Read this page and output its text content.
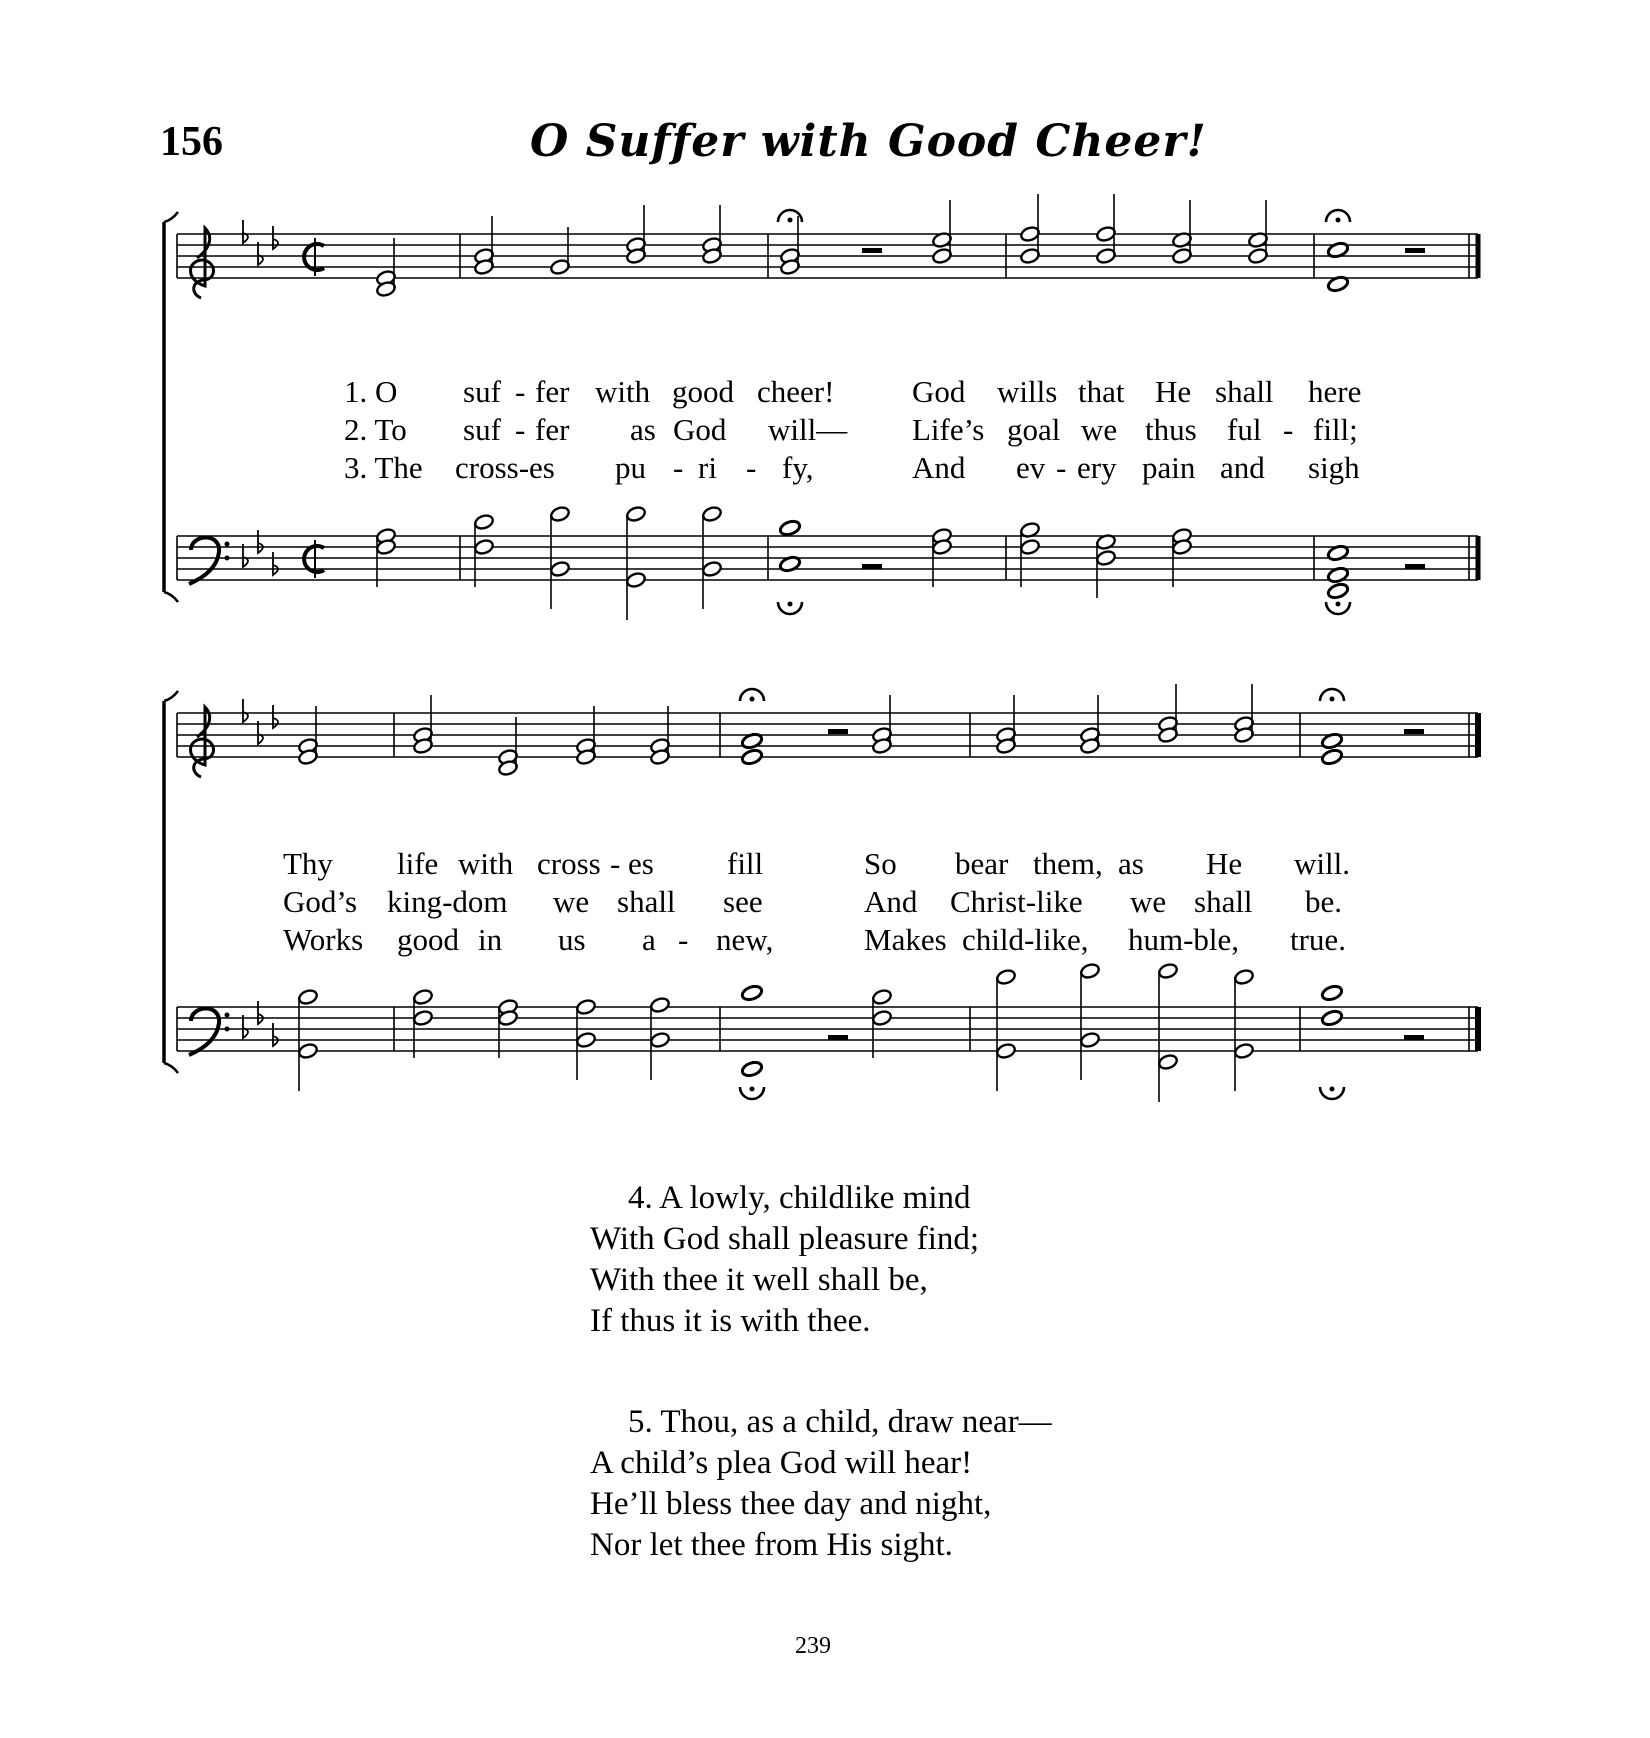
156	O Suffer with Good Cheer!
1. O suf - fer with good cheer!	God wills that He shall here
2. To suf - fer as God will— Life’s goal we thus ful - fill;
3. The cross-es pu - ri - fy,	And ev - ery pain and sigh
Thy life with cross - es fill	So bear them, as He will.
God’s king-dom we shall see	And Christ-like we shall be.
Works good in us a - new,	Makes child-like, hum-ble, true.
4. A lowly, childlike mind
With God shall pleasure find;
With thee it well shall be,
If thus it is with thee.
5. Thou, as a child, draw near—
A child’s plea God will hear!
He’ll bless thee day and night,
Nor let thee from His sight.
239
